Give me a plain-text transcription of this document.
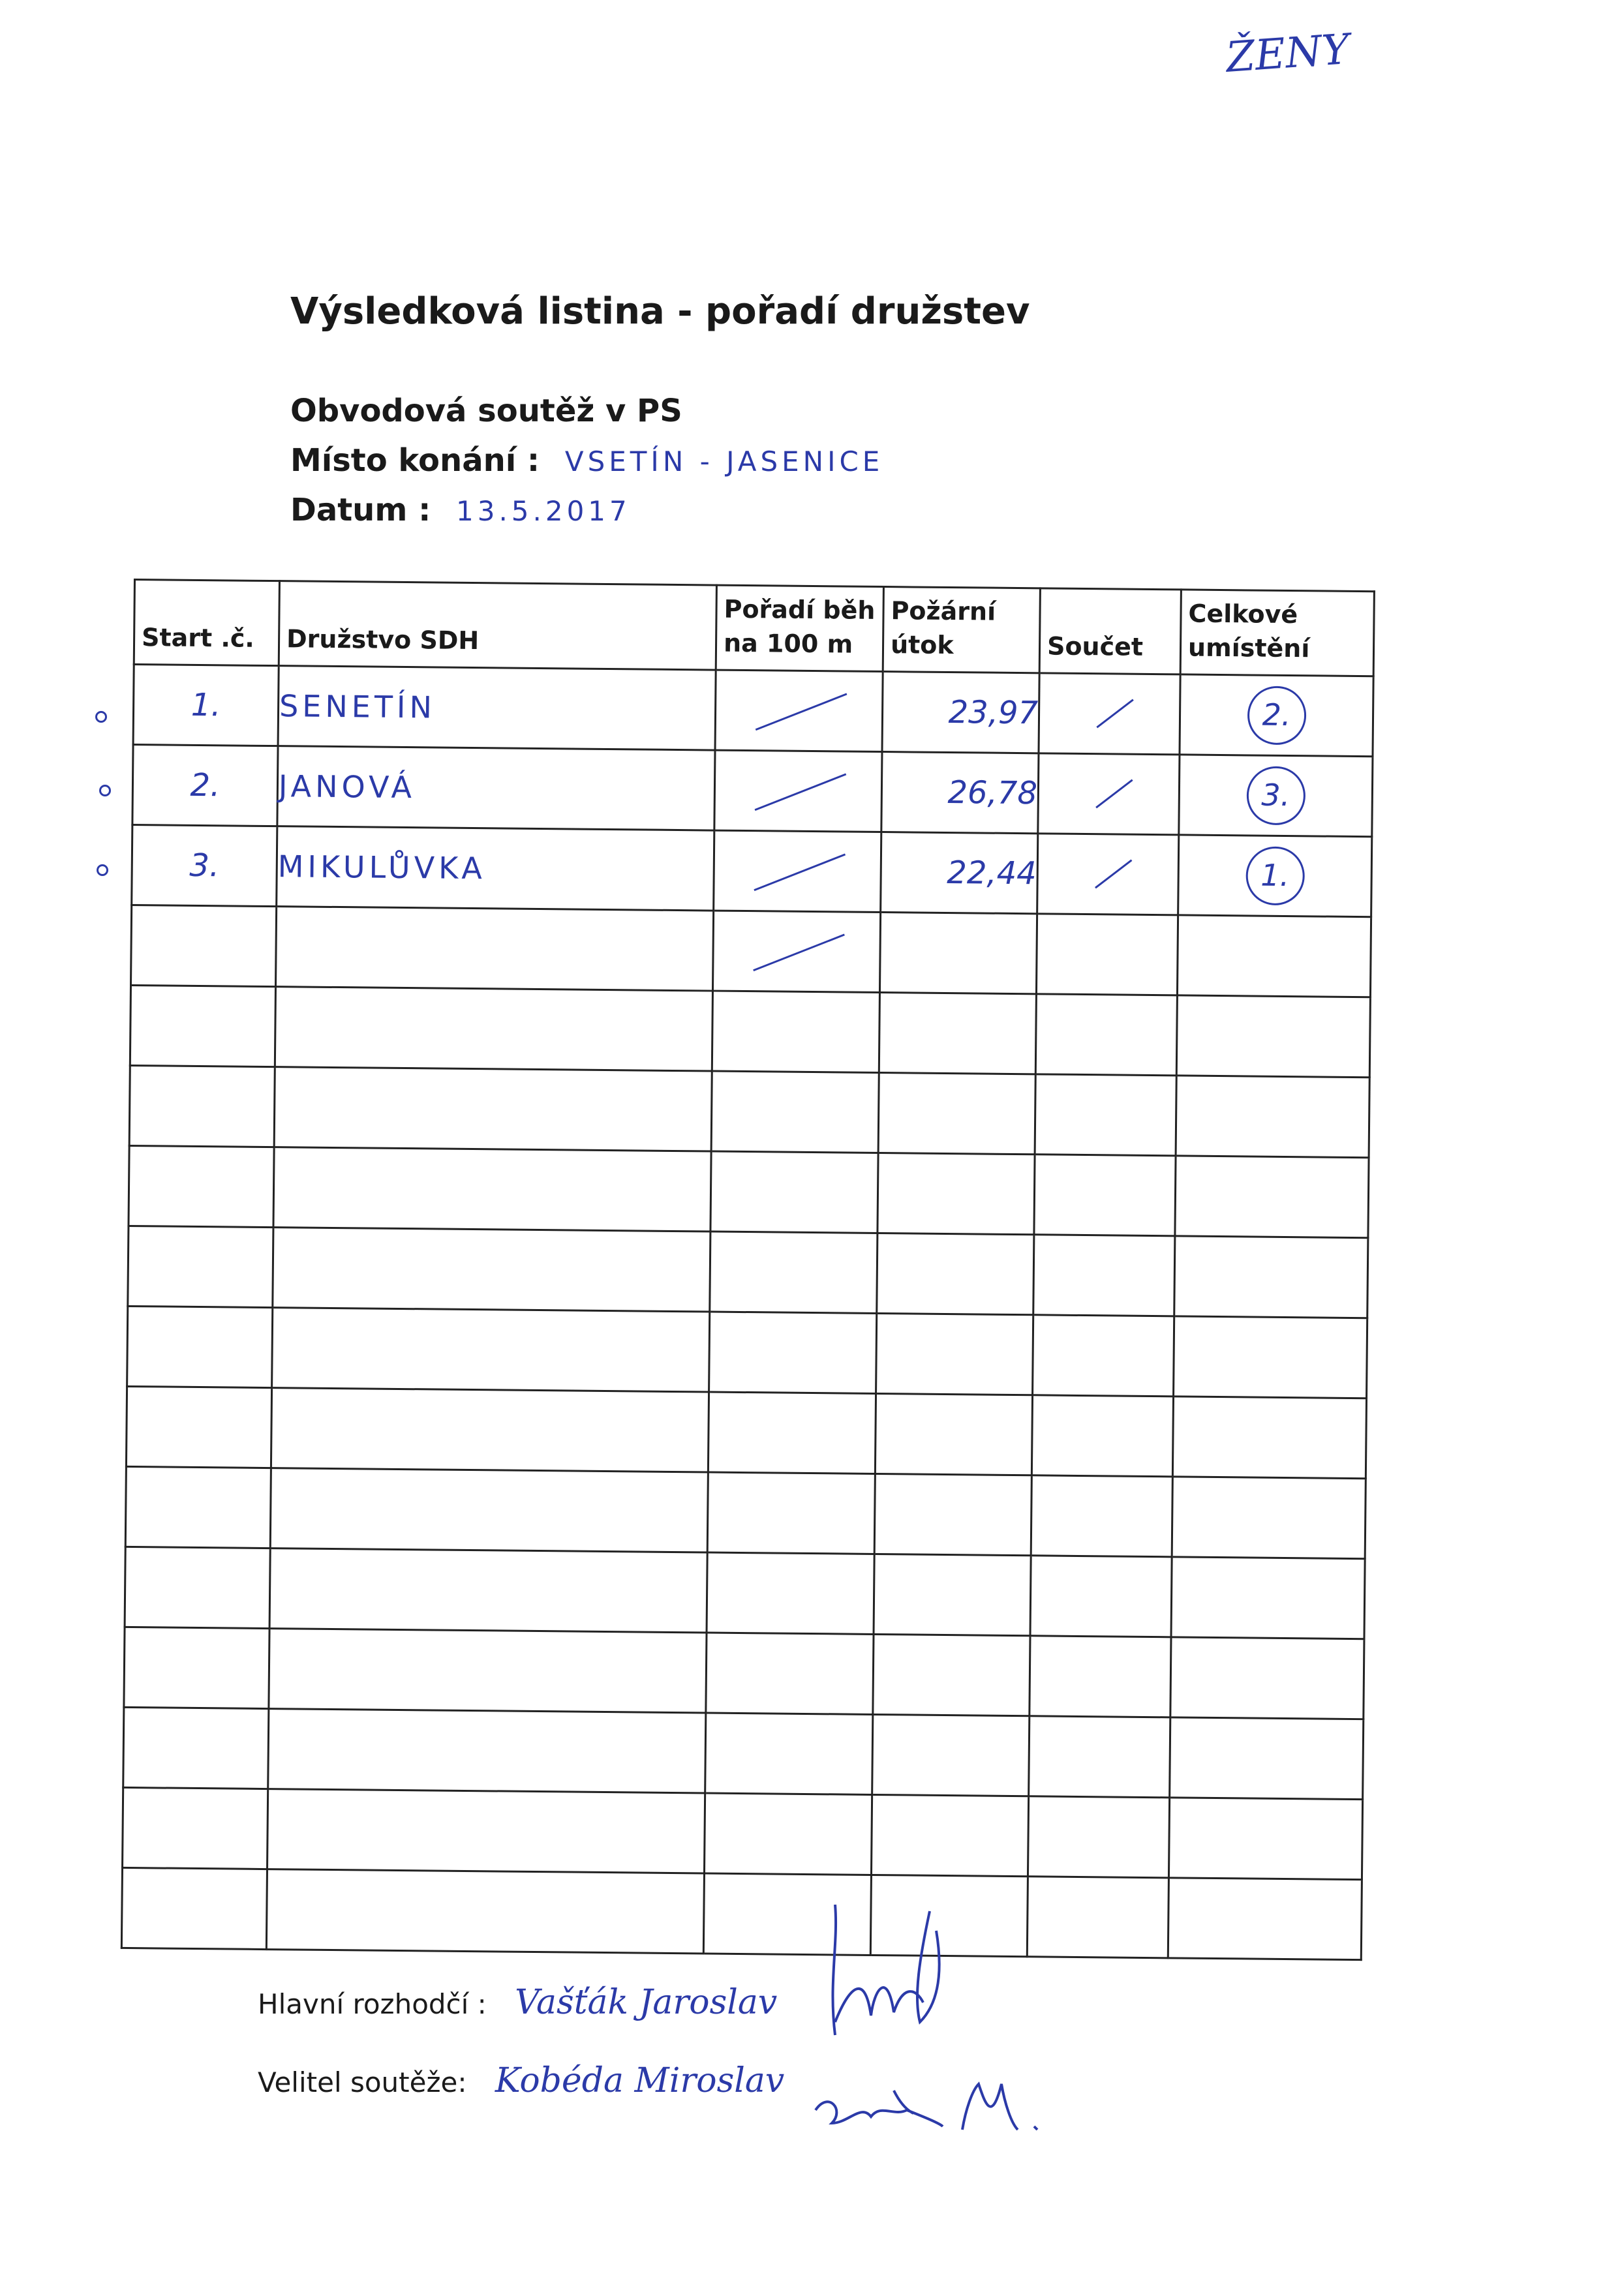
ŽENY
Výsledková listina - pořadí družstev
Obvodová soutěž v PS
Místo konání : VSETÍN - JASENICE
Datum : 13.5.2017
Start .č.	Družstvo SDH	Pořadí běh na 100 m	Požární útok	Součet	Celkové umístění
1.	SENETÍN		23,97		2.
2.	JANOVÁ		26,78		3.
3.	MIKULŮVKA		22,44		1.

Hlavní rozhodčí : Vašťák Jaroslav
Velitel soutěže: Kobéda Miroslav
